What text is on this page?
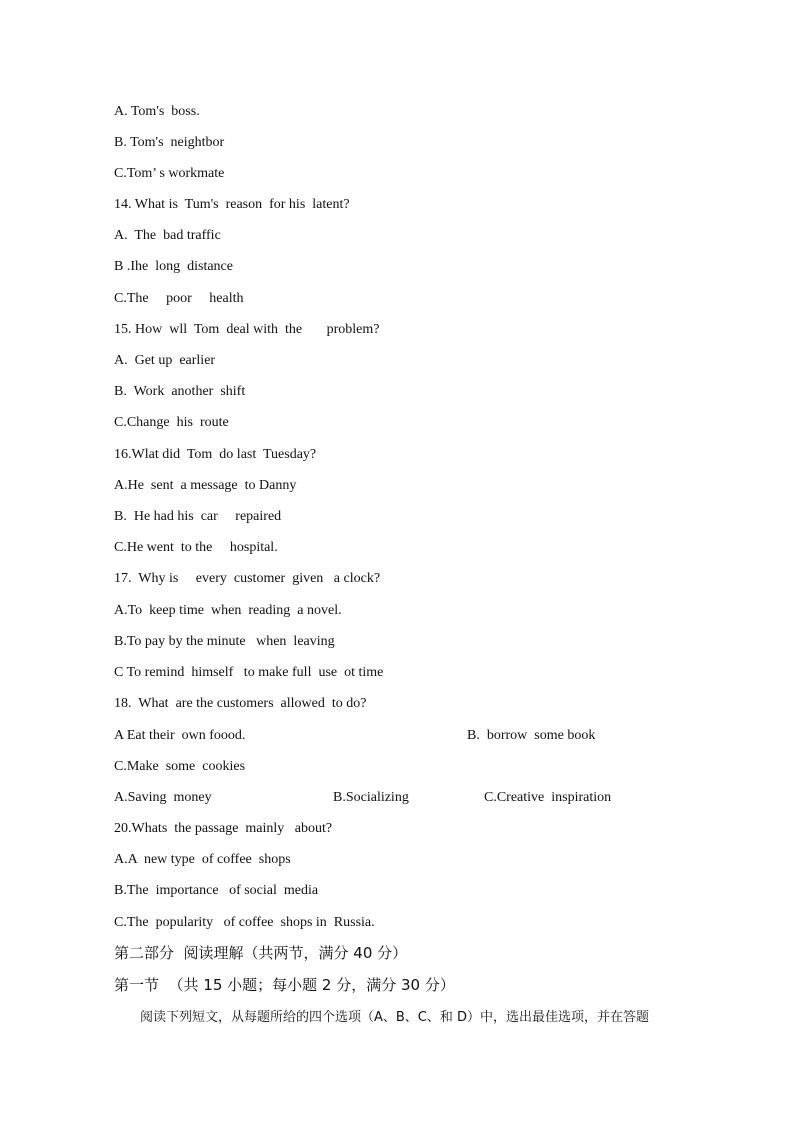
A. Tom's  boss.
B. Tom's  neightbor
C.Tom’ s workmate
14. What is  Tum's  reason  for his  latent?
A.  The  bad traffic
B .Ihe  long  distance
C.The     poor     health
15. How  wll  Tom  deal with  the       problem?
A.  Get up  earlier
B.  Work  another  shift
C.Change  his  route
16.Wlat did  Tom  do last  Tuesday?
A.He  sent  a message  to Danny
B.  He had his  car     repaired
C.He went  to the     hospital.
17.  Why is     every  customer  given   a clock?
A.To  keep time  when  reading  a novel.
B.To pay by the minute   when  leaving
C To remind  himself   to make full  use  ot time
18.  What  are the customers  allowed  to do?
A Eat their  own foood.	B.  borrow  some book
C.Make  some  cookies
A.Saving  money	B.Socializing	C.Creative  inspiration
20.Whats  the passage  mainly   about?
A.A  new type  of coffee  shops
B.The  importance   of social  media
C.The  popularity   of coffee  shops in  Russia.
第二部分  阅读理解（共两节，满分 40 分）
第一节  （共 15 小题；每小题 2 分，满分 30 分）
阅读下列短文，从每题所给的四个选项（A、B、C、和 D）中，选出最佳选项，并在答题
